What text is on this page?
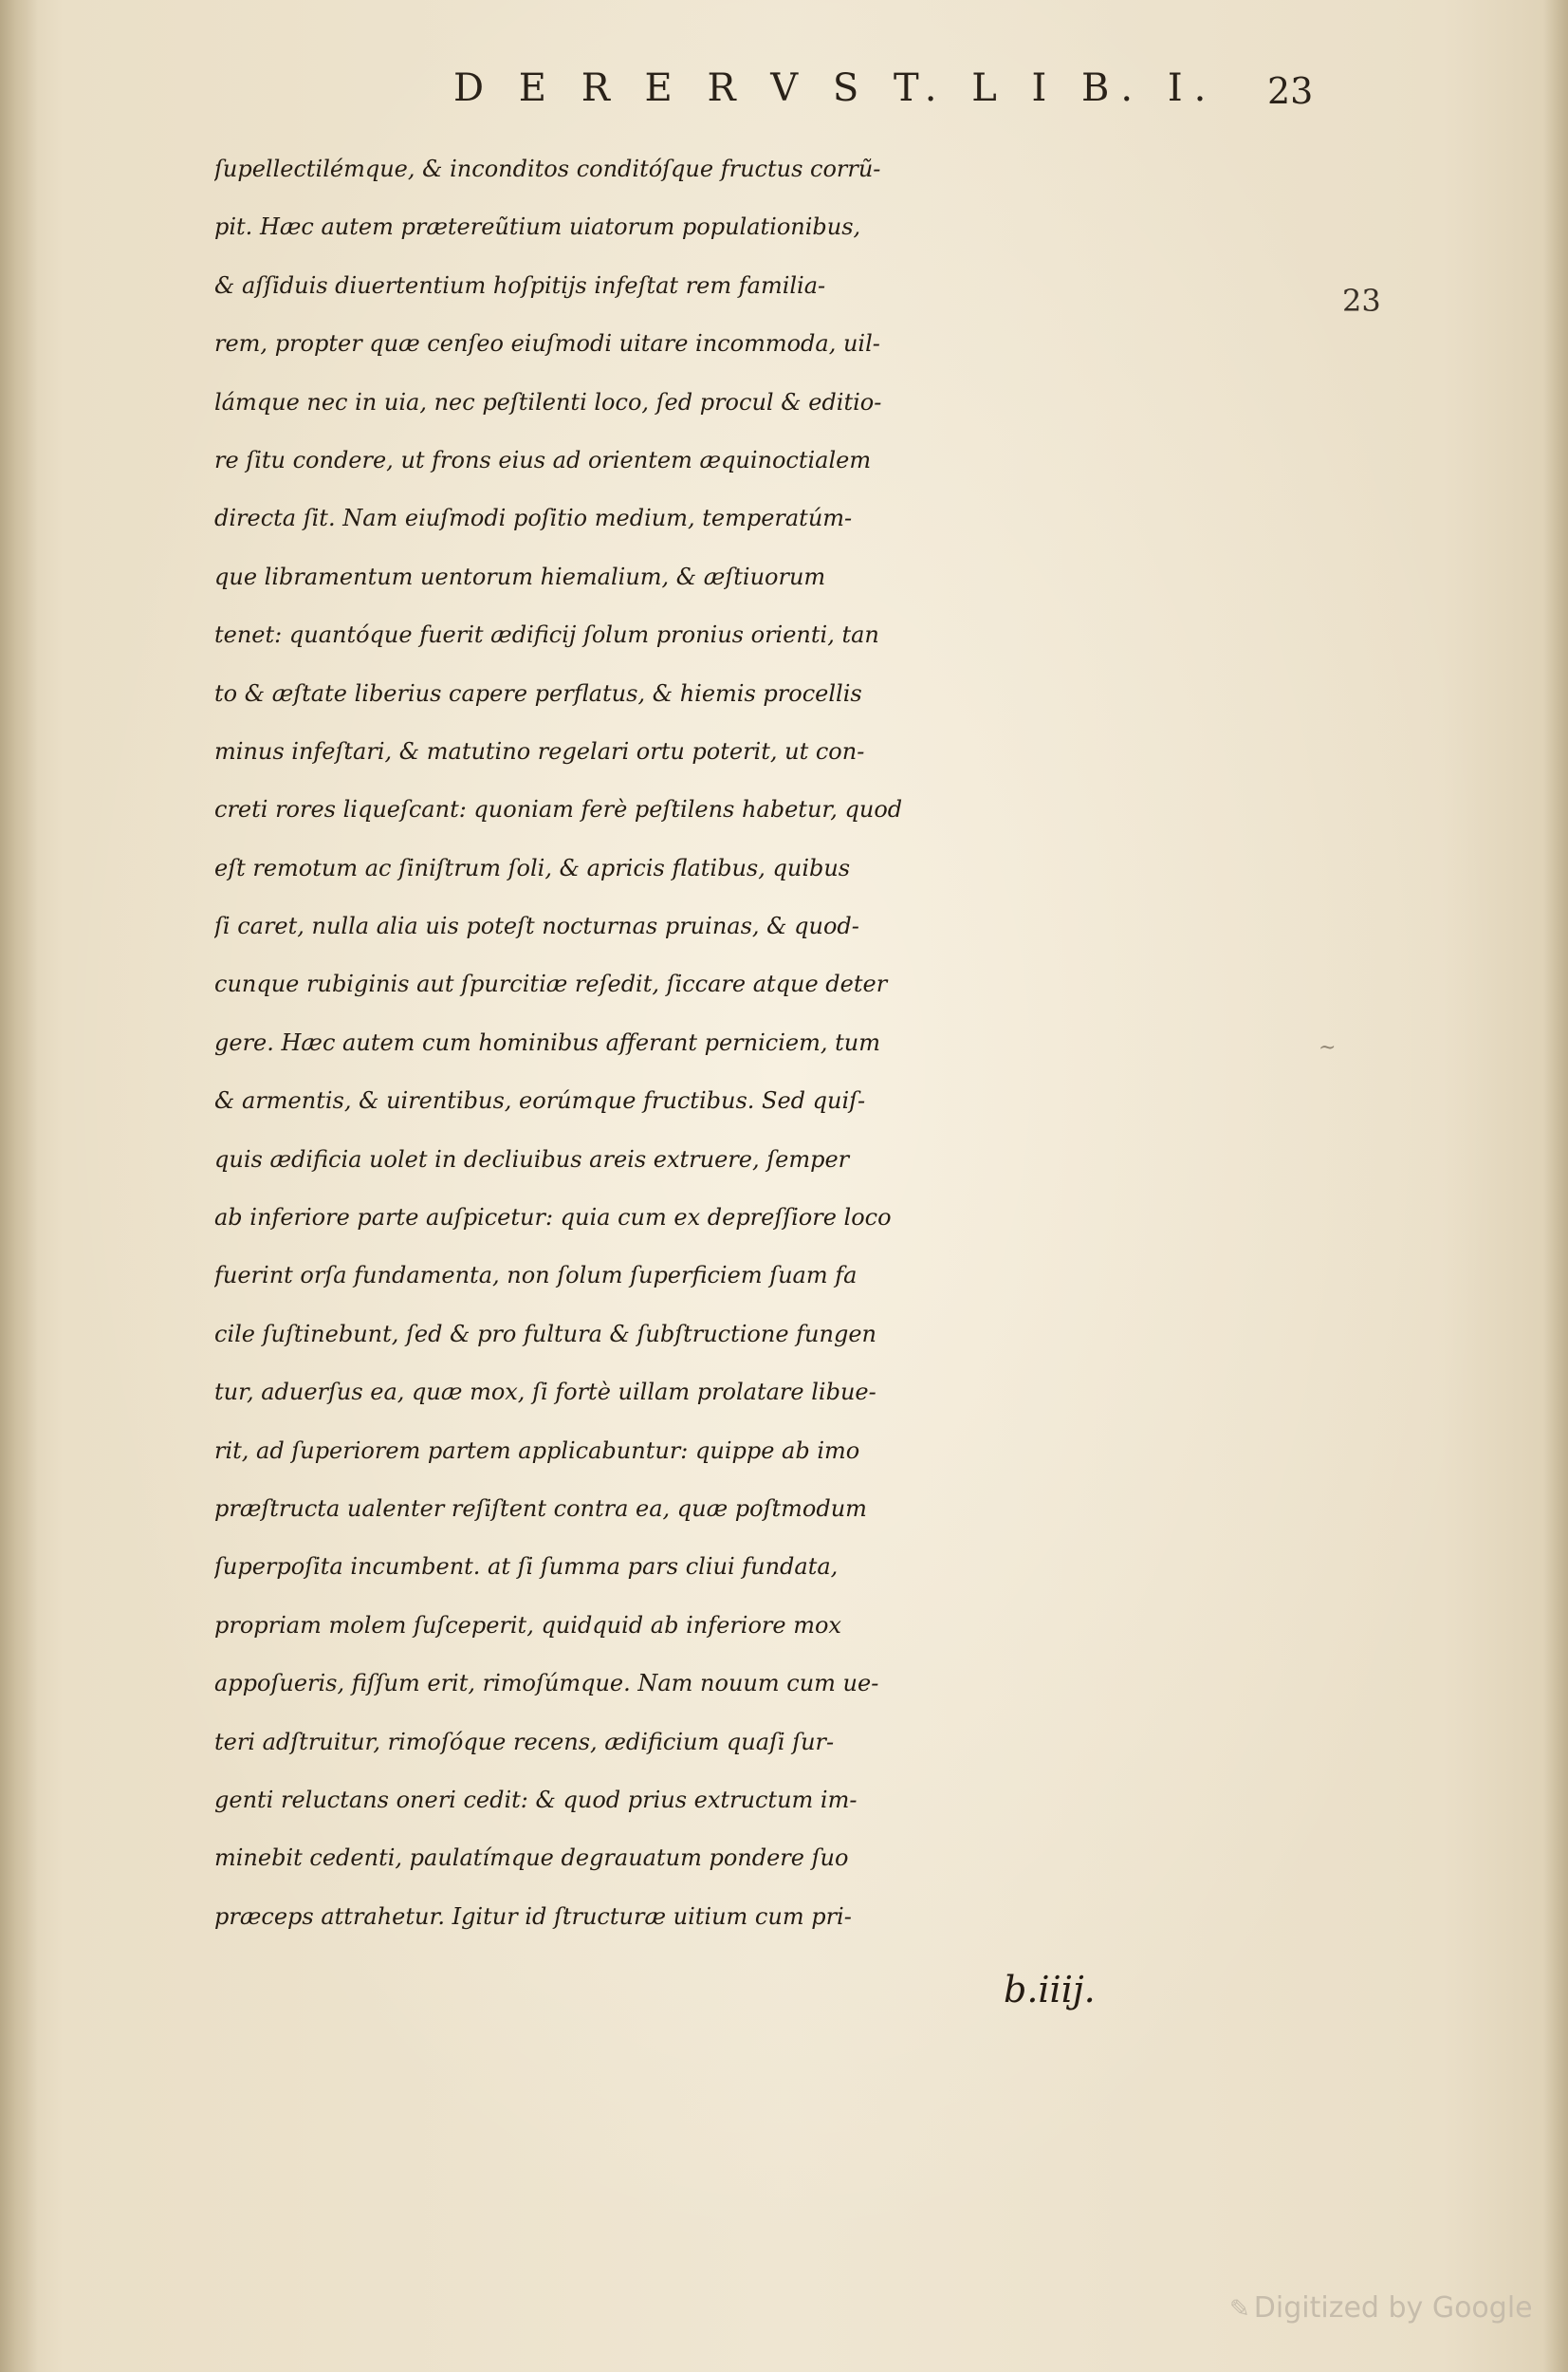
D E R E R V S T. L I B. I. 23
23
~
ſupellectilémque, & inconditos conditóſque fructus corrũ-
pit. Hæc autem prætereũtium uiatorum populationibus,
& aſſiduis diuertentium hoſpitijs infeſtat rem familia-
rem, propter quæ cenſeo eiuſmodi uitare incommoda, uil-
lámque nec in uia, nec peſtilenti loco, ſed procul & editio-
re ſitu condere, ut frons eius ad orientem æquinoctialem
directa ſit. Nam eiuſmodi poſitio medium, temperatúm-
que libramentum uentorum hiemalium, & æſtiuorum
tenet: quantóque fuerit ædificij ſolum pronius orienti, tan
to & æſtate liberius capere perflatus, & hiemis procellis
minus infeſtari, & matutino regelari ortu poterit, ut con-
creti rores liqueſcant: quoniam ferè peſtilens habetur, quod
eſt remotum ac ſiniſtrum ſoli, & apricis flatibus, quibus
ſi caret, nulla alia uis poteſt nocturnas pruinas, & quod-
cunque rubiginis aut ſpurcitiæ reſedit, ſiccare atque deter
gere. Hæc autem cum hominibus afferant perniciem, tum
& armentis, & uirentibus, eorúmque fructibus. Sed quiſ-
quis ædificia uolet in decliuibus areis extruere, ſemper
ab inferiore parte auſpicetur: quia cum ex depreſſiore loco
fuerint orſa fundamenta, non ſolum ſuperficiem ſuam fa
cile ſuſtinebunt, ſed & pro fultura & ſubſtructione fungen
tur, aduerſus ea, quæ mox, ſi fortè uillam prolatare libue-
rit, ad ſuperiorem partem applicabuntur: quippe ab imo
præſtructa ualenter reſiſtent contra ea, quæ poſtmodum
ſuperpoſita incumbent. at ſi ſumma pars cliui fundata,
propriam molem ſuſceperit, quidquid ab inferiore mox
appoſueris, fiſſum erit, rimoſúmque. Nam nouum cum ue-
teri adſtruitur, rimoſóque recens, ædificium quaſi ſur-
genti reluctans oneri cedit: & quod prius extructum im-
minebit cedenti, paulatímque degrauatum pondere ſuo
præceps attrahetur. Igitur id ſtructuræ uitium cum pri-
b.iiij.
✎ Digitized by Google
